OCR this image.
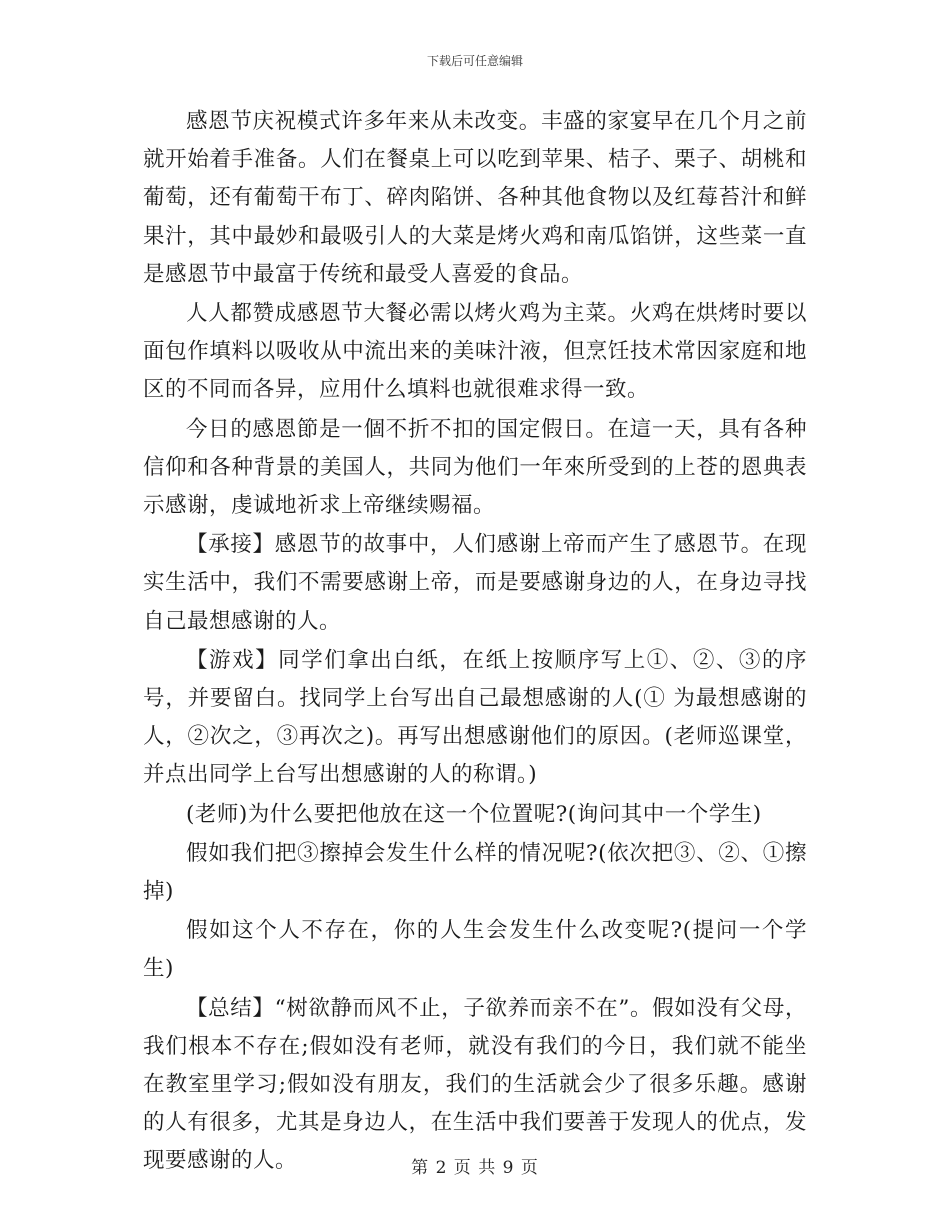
下载后可任意编辑

感恩节庆祝模式许多年来从未改变。丰盛的家宴早在几个月之前就开始着手准备。人们在餐桌上可以吃到苹果、桔子、栗子、胡桃和葡萄，还有葡萄干布丁、碎肉陷饼、各种其他食物以及红莓苔汁和鲜果汁，其中最妙和最吸引人的大菜是烤火鸡和南瓜馅饼，这些菜一直是感恩节中最富于传统和最受人喜爱的食品。

人人都赞成感恩节大餐必需以烤火鸡为主菜。火鸡在烘烤时要以面包作填料以吸收从中流出来的美味汁液，但烹饪技术常因家庭和地区的不同而各异，应用什么填料也就很难求得一致。

今日的感恩節是一個不折不扣的国定假日。在這一天，具有各种信仰和各种背景的美国人，共同为他们一年來所受到的上苍的恩典表示感谢，虔诚地祈求上帝继续赐福。

【承接】感恩节的故事中，人们感谢上帝而产生了感恩节。在现实生活中，我们不需要感谢上帝，而是要感谢身边的人，在身边寻找自己最想感谢的人。

【游戏】同学们拿出白纸，在纸上按顺序写上①、②、③的序号，并要留白。找同学上台写出自己最想感谢的人(① 为最想感谢的人，②次之，③再次之)。再写出想感谢他们的原因。(老师巡课堂，并点出同学上台写出想感谢的人的称谓。)

(老师)为什么要把他放在这一个位置呢?(询问其中一个学生)

假如我们把③擦掉会发生什么样的情况呢?(依次把③、②、①擦掉)

假如这个人不存在，你的人生会发生什么改变呢?(提问一个学生)

【总结】“树欲静而风不止，子欲养而亲不在”。假如没有父母，我们根本不存在;假如没有老师，就没有我们的今日，我们就不能坐在教室里学习;假如没有朋友，我们的生活就会少了很多乐趣。感谢的人有很多，尤其是身边人，在生活中我们要善于发现人的优点，发现要感谢的人。	第 2 页 共 9 页
